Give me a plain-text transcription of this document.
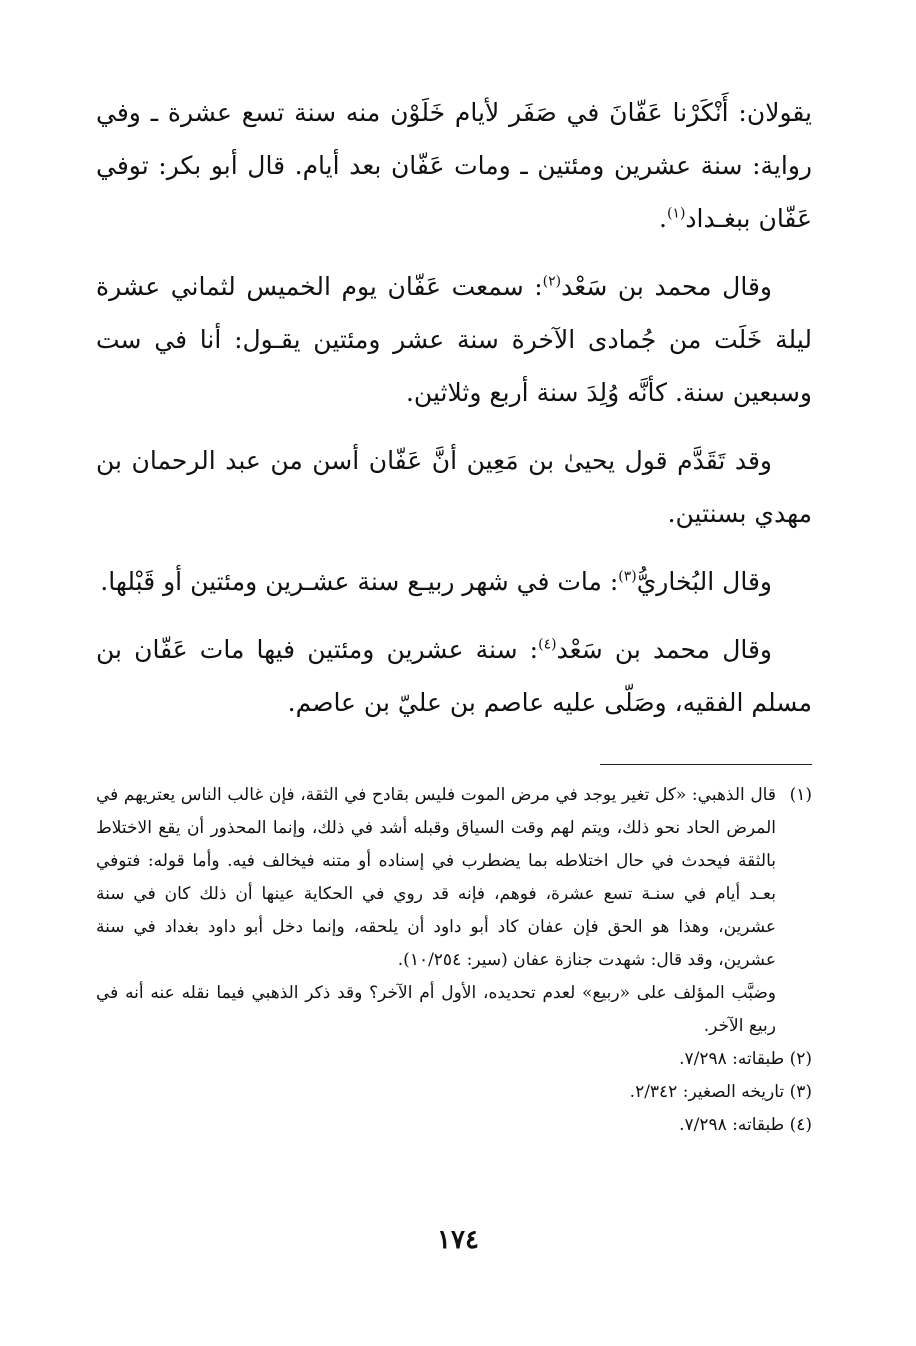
يقولان: أَنْكَرْنا عَفّانَ في صَفَر لأيام خَلَوْن منه سنة تسع عشرة ـ وفي رواية: سنة عشرين ومئتين ـ ومات عَفّان بعد أيام. قال أبو بكر: توفي عَفّان ببغـداد$^{(١)}$.

وقال محمد بن سَعْد$^{(٢)}$: سمعت عَفّان يوم الخميس لثماني عشرة ليلة خَلَت من جُمادى الآخرة سنة عشر ومئتين يقـول: أنا في ست وسبعين سنة. كأنَّه وُلِدَ سنة أربع وثلاثين.

وقد تَقَدَّم قول يحيىٰ بن مَعِين أنَّ عَفّان أسن من عبد الرحمان بن مهدي بسنتين.

وقال البُخاريُّ$^{(٣)}$: مات في شهر ربيـع سنة عشـرين ومئتين أو قَبْلها.

وقال محمد بن سَعْد$^{(٤)}$: سنة عشرين ومئتين فيها مات عَفّان بن مسلم الفقيه، وصَلّى عليه عاصم بن عليّ بن عاصم.

(١)

قال الذهبي: «كل تغير يوجد في مرض الموت فليس بقادح في الثقة، فإن غالب الناس يعتريهم في المرض الحاد نحو ذلك، ويتم لهم وقت السياق وقبله أشد في ذلك، وإنما المحذور أن يقع الاختلاط بالثقة فيحدث في حال اختلاطه بما يضطرب في إسناده أو متنه فيخالف فيه. وأما قوله: فتوفي بعـد أيام في سنـة تسع عشرة، فوهم، فإنه قد روي في الحكاية عينها أن ذلك كان في سنة عشرين، وهذا هو الحق فإن عفان كاد أبو داود أن يلحقه، وإنما دخل أبو داود بغداد في سنة عشرين، وقد قال: شهدت جنازة عفان (سير: ١٠/٢٥٤).

وضبَّب المؤلف على «ربيع» لعدم تحديده، الأول أم الآخر؟ وقد ذكر الذهبي فيما نقله عنه أنه في ربيع الآخر.

(٢)

طبقاته: ٧/٢٩٨.
(٣)

تاريخه الصغير: ٢/٣٤٢.
(٤)

طبقاته: ٧/٢٩٨.
١٧٤
